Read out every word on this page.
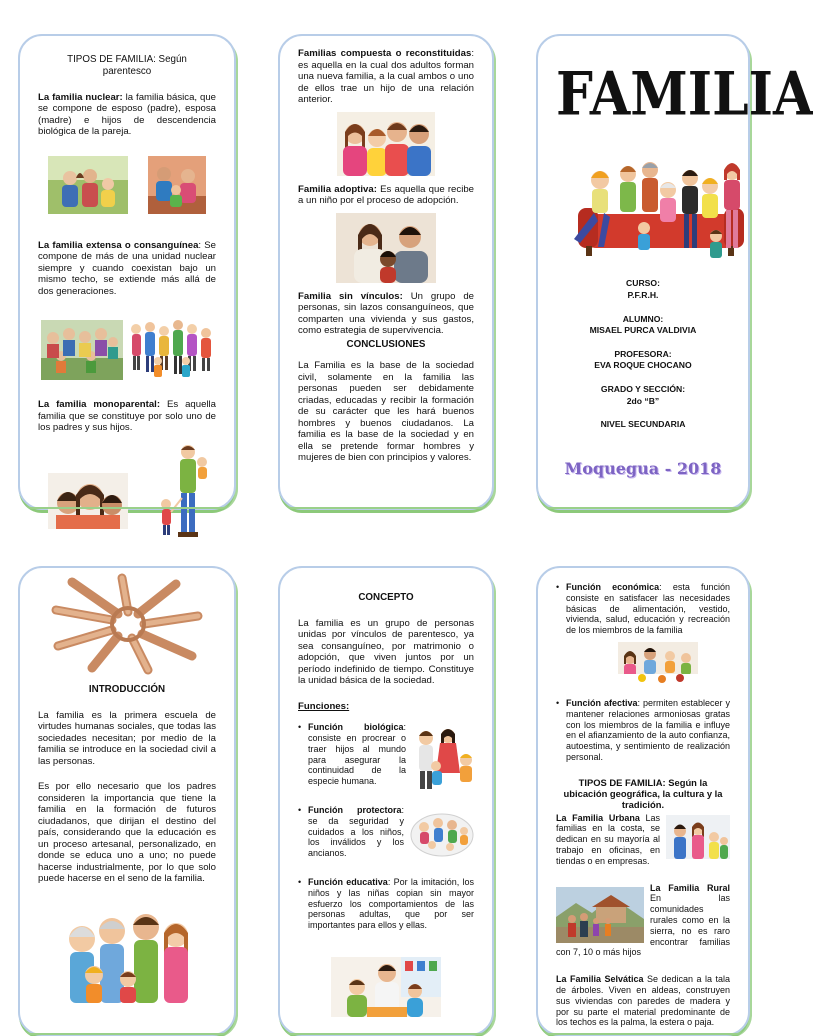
TIPOS DE FAMILIA: Según parentesco

La familia nuclear: la familia básica, que se compone de esposo (padre), esposa (madre) e hijos de descendencia biológica de la pareja.

La familia extensa o consanguínea: Se compone de más de una unidad nuclear siempre y cuando coexistan bajo un mismo techo, se extiende más allá de dos generaciones.

La familia monoparental: Es aquella familia que se constituye por solo uno de los padres y sus hijos.

Familias compuesta o reconstituidas: es aquella en la cual dos adultos forman una nueva familia, a la cual ambos o uno de ellos trae un hijo de una relación anterior.

Familia adoptiva: Es aquella que recibe a un niño por el proceso de adopción.

Familia sin vínculos: Un grupo de personas, sin lazos consanguíneos, que comparten una vivienda y sus gastos, como estrategia de supervivencia.

CONCLUSIONES

La Familia es la base de la sociedad civil, solamente en la familia las personas pueden ser debidamente criadas, educadas y recibir la formación de su carácter que les hará buenos hombres y buenos ciudadanos. La familia es la base de la sociedad y en ella se pretende formar hombres y mujeres de bien con principios y valores.

FAMILIA
CURSO:
P.F.R.H.
ALUMNO:
MISAEL PURCA VALDIVIA
PROFESORA:
EVA ROQUE CHOCANO
GRADO Y SECCIÓN:
2do “B”
NIVEL SECUNDARIA
Moquegua - 2018
INTRODUCCIÓN

La familia es la primera escuela de virtudes humanas sociales, que todas las sociedades necesitan; por medio de la familia se introduce en la sociedad civil a las personas.

Es por ello necesario que los padres consideren la importancia que tiene la familia en la formación de futuros ciudadanos, que dirijan el destino del país, considerando que la educación es un proceso artesanal, personalizado, en donde se educa uno a uno; no puede hacerse industrialmente, por lo que solo puede hacerse en el seno de la familia.

CONCEPTO

La familia es un grupo de personas unidas por vínculos de parentesco, ya sea consanguíneo, por matrimonio o adopción, que viven juntos por un período indefinido de tiempo. Constituye la unidad básica de la sociedad.

Funciones:
• Función biológica: consiste en procrear o traer hijos al mundo para asegurar la continuidad de la especie humana.
• Función protectora: se da seguridad y cuidados a los niños, los inválidos y los ancianos.
• Función educativa: Por la imitación, los niños y las niñas copian sin mayor esfuerzo los comportamientos de las personas adultas, que por ser importantes para ellos y ellas.
• Función económica: esta función consiste en satisfacer las necesidades básicas de alimentación, vestido, vivienda, salud, educación y recreación de los miembros de la familia
• Función afectiva: permiten establecer y mantener relaciones armoniosas gratas con los miembros de la familia e influye en el afianzamiento de la auto confianza, autoestima, y sentimiento de realización personal.
TIPOS DE FAMILIA: Según la ubicación geográfica, la cultura y la tradición.

La Familia Urbana Las familias en la costa, se dedican en su mayoría al trabajo en oficinas, en tiendas o en empresas.

La Familia Rural En las comunidades rurales como en la sierra, no es raro encontrar familias con 7, 10 o más hijos

La Familia Selvática Se dedican a la tala de árboles. Viven en aldeas, construyen sus viviendas con paredes de madera y por su parte el material predominante de los techos es la palma, la estera o paja.
